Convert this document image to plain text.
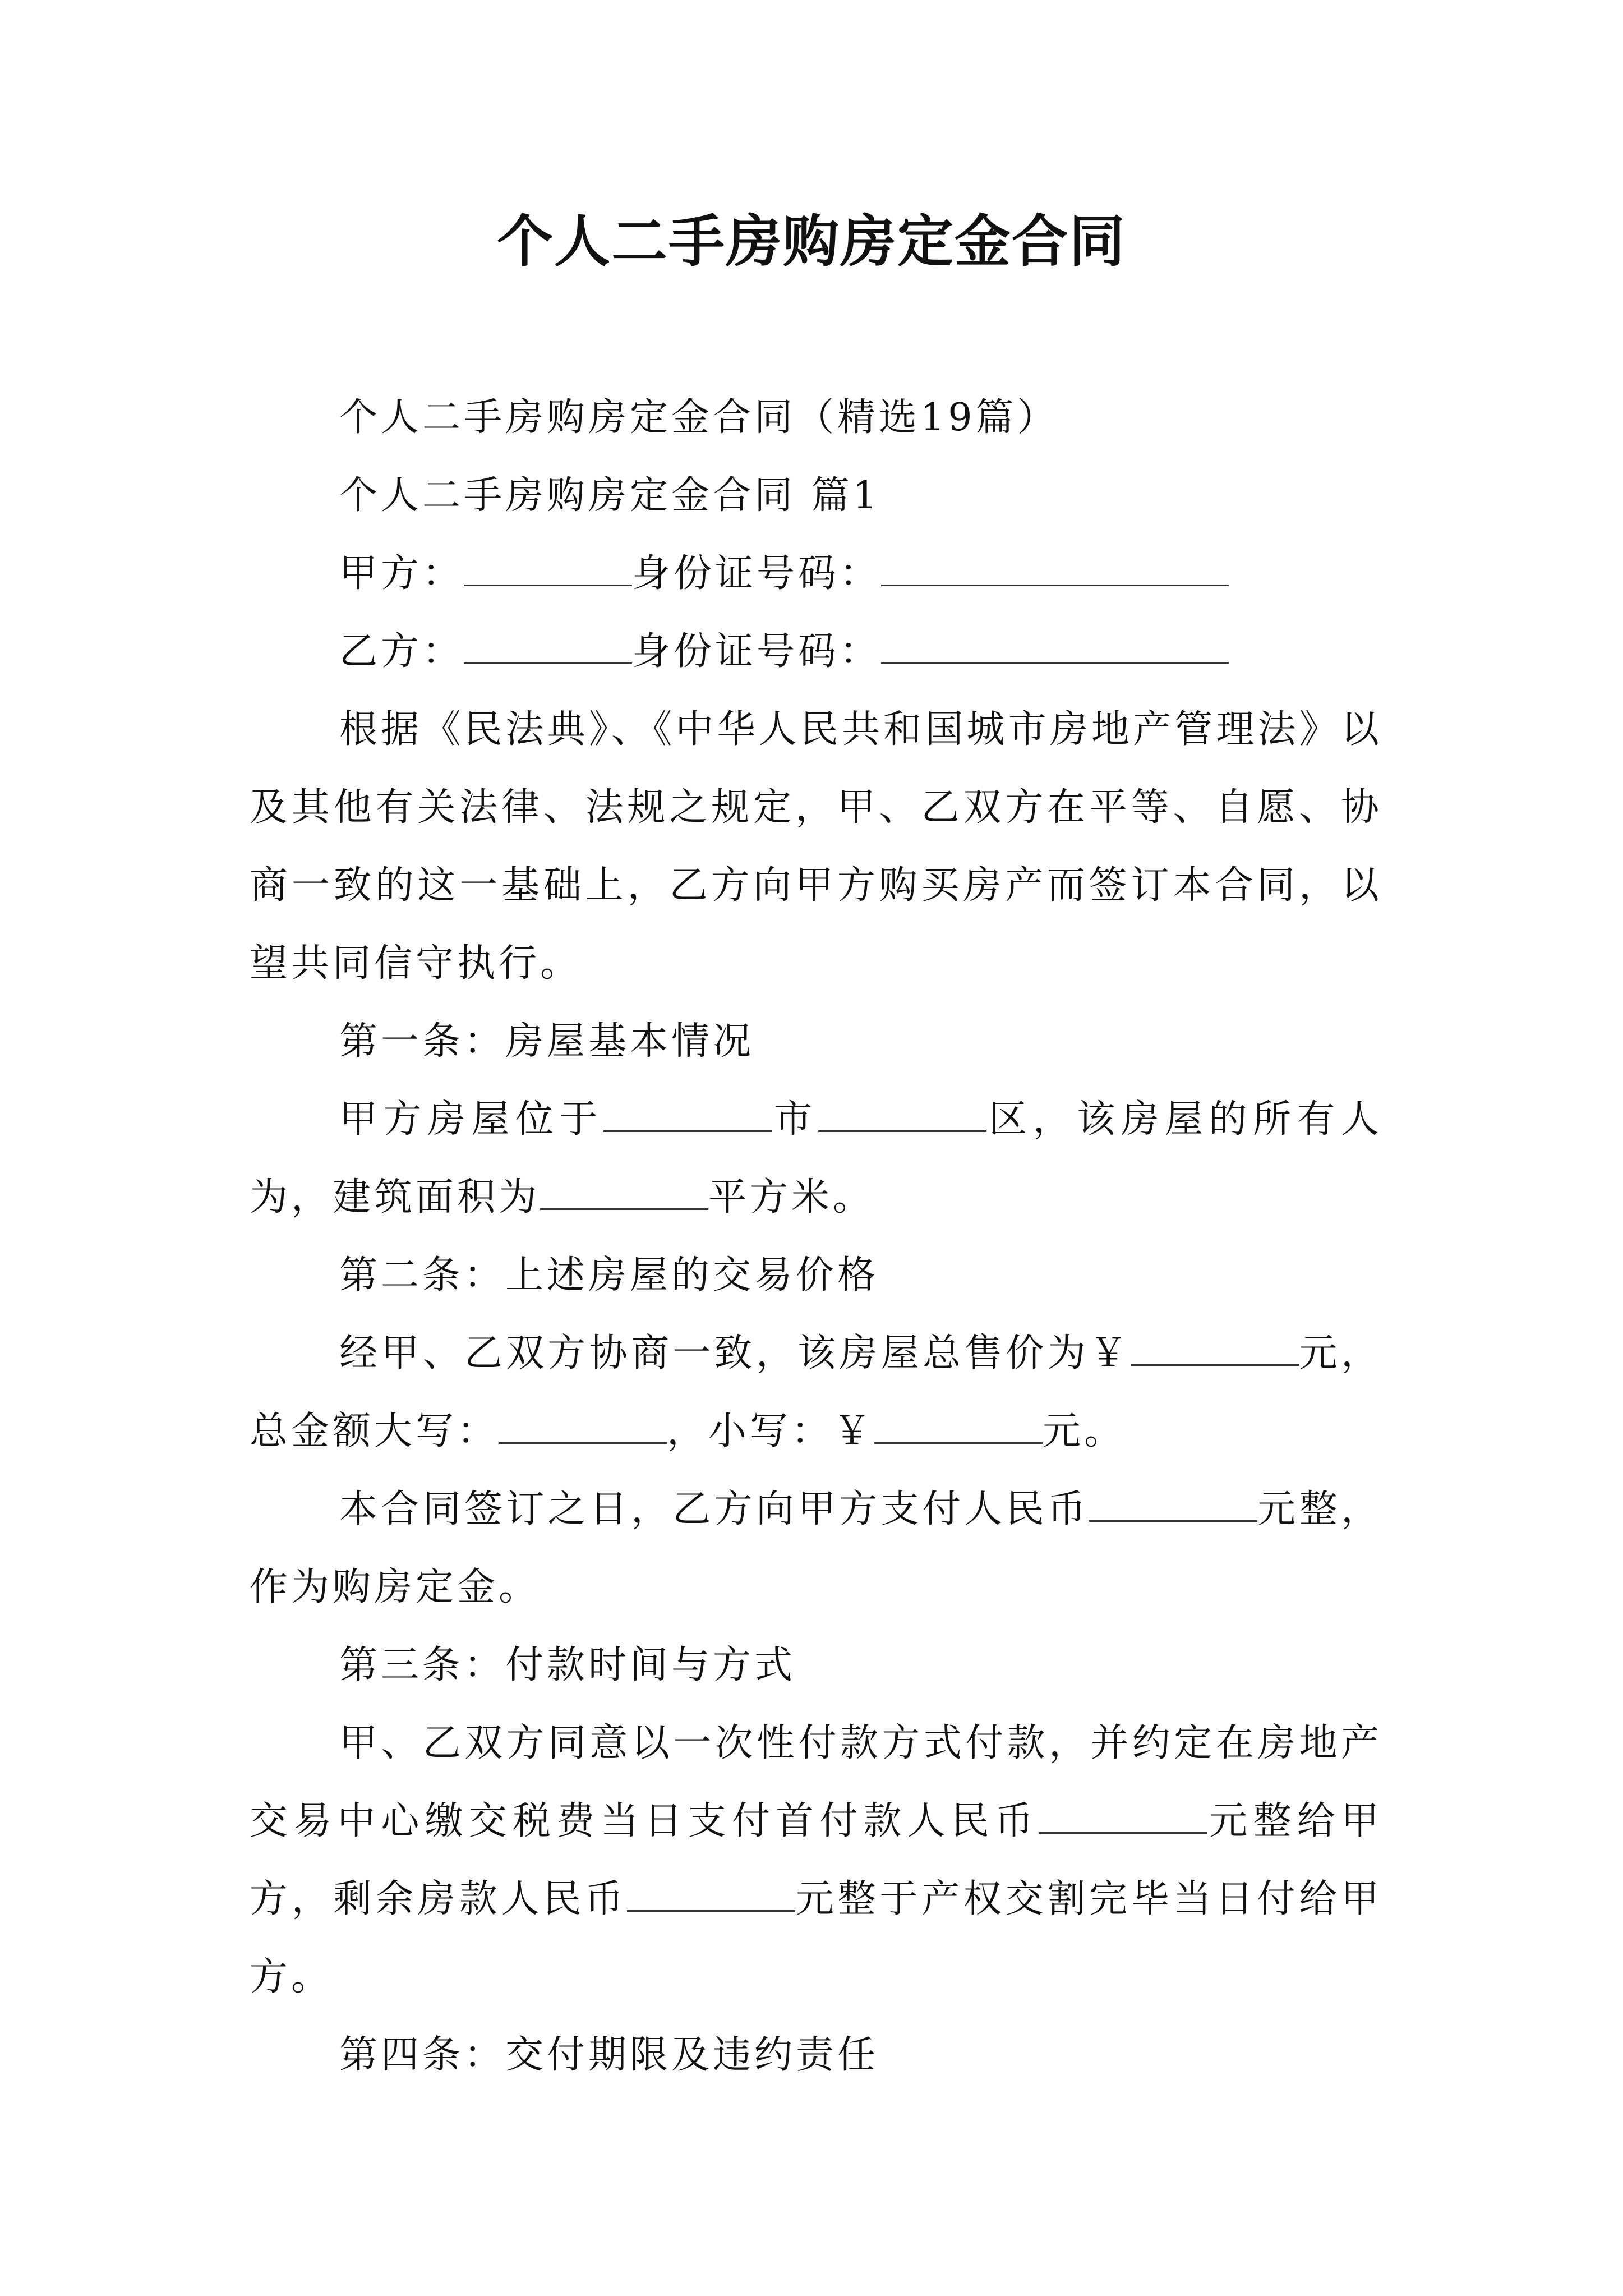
个人二手房购房定金合同

个人二手房购房定金合同（精选19篇）

个人二手房购房定金合同 篇1

甲方：	身份证号码：

乙方：	身份证号码：

根据《民法典》、《中华人民共和国城市房地产管理法》以及其他有关法律、法规之规定，甲、乙双方在平等、自愿、协商一致的这一基础上，乙方向甲方购买房产而签订本合同，以望共同信守执行。

第一条：房屋基本情况

甲方房屋位于	市	区，该房屋的所有人为，建筑面积为	平方米。

第二条：上述房屋的交易价格

经甲、乙双方协商一致，该房屋总售价为￥	元，总金额大写：	，小写：￥	元。

本合同签订之日，乙方向甲方支付人民币	元整，作为购房定金。

第三条：付款时间与方式

甲、乙双方同意以一次性付款方式付款，并约定在房地产交易中心缴交税费当日支付首付款人民币	元整给甲方，剩余房款人民币	元整于产权交割完毕当日付给甲方。

第四条：交付期限及违约责任
